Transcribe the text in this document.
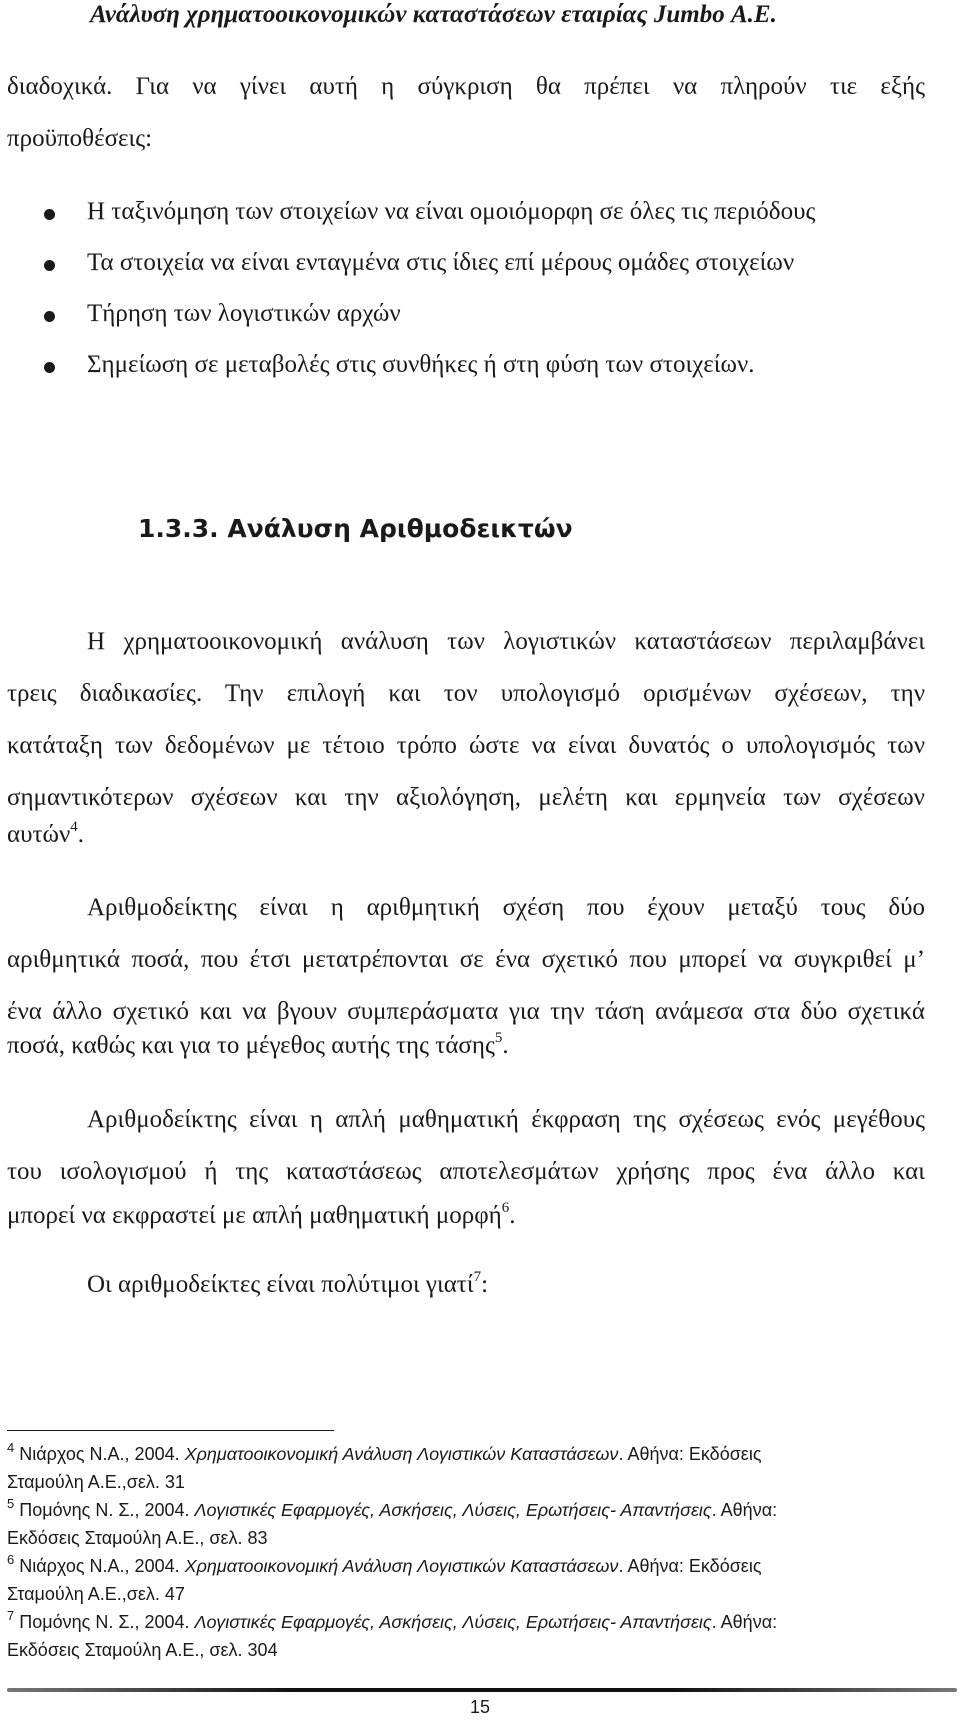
Ανάλυση χρηματοοικονομικών καταστάσεων εταιρίας Jumbo Α.Ε.
διαδοχικά. Για να γίνει αυτή η σύγκριση θα πρέπει να πληρούν τιε εξής
προϋποθέσεις:
Η ταξινόμηση των στοιχείων να είναι ομοιόμορφη σε όλες τις περιόδους
Τα στοιχεία να είναι ενταγμένα στις ίδιες επί μέρους ομάδες στοιχείων
Τήρηση των λογιστικών αρχών
Σημείωση σε μεταβολές στις συνθήκες ή στη φύση των στοιχείων.
1.3.3. Ανάλυση Αριθμοδεικτών
Η χρηματοοικονομική ανάλυση των λογιστικών καταστάσεων περιλαμβάνει
τρεις διαδικασίες. Την επιλογή και τον υπολογισμό ορισμένων σχέσεων, την
κατάταξη των δεδομένων με τέτοιο τρόπο ώστε να είναι δυνατός ο υπολογισμός των
σημαντικότερων σχέσεων και την αξιολόγηση, μελέτη και ερμηνεία των σχέσεων
αυτών$^4$.
Αριθμοδείκτης είναι η αριθμητική σχέση που έχουν μεταξύ τους δύο
αριθμητικά ποσά, που έτσι μετατρέπονται σε ένα σχετικό που μπορεί να συγκριθεί μ’
ένα άλλο σχετικό και να βγουν συμπεράσματα για την τάση ανάμεσα στα δύο σχετικά
ποσά, καθώς και για το μέγεθος αυτής της τάσης$^5$.
Αριθμοδείκτης είναι η απλή μαθηματική έκφραση της σχέσεως ενός μεγέθους
του ισολογισμού ή της καταστάσεως αποτελεσμάτων χρήσης προς ένα άλλο και
μπορεί να εκφραστεί με απλή μαθηματική μορφή$^6$.
Οι αριθμοδείκτες είναι πολύτιμοι γιατί$^7$:
$^4$ Νιάρχος Ν.Α., 2004. Χρηματοοικονομική Ανάλυση Λογιστικών Καταστάσεων. Αθήνα: Εκδόσεις
Σταμούλη Α.Ε.,σελ. 31
$^5$ Πομόνης Ν. Σ., 2004. Λογιστικές Εφαρμογές, Ασκήσεις, Λύσεις, Ερωτήσεις- Απαντήσεις. Αθήνα:
Εκδόσεις Σταμούλη Α.Ε., σελ. 83
$^6$ Νιάρχος Ν.Α., 2004. Χρηματοοικονομική Ανάλυση Λογιστικών Καταστάσεων. Αθήνα: Εκδόσεις
Σταμούλη Α.Ε.,σελ. 47
$^7$ Πομόνης Ν. Σ., 2004. Λογιστικές Εφαρμογές, Ασκήσεις, Λύσεις, Ερωτήσεις- Απαντήσεις. Αθήνα:
Εκδόσεις Σταμούλη Α.Ε., σελ. 304
15
